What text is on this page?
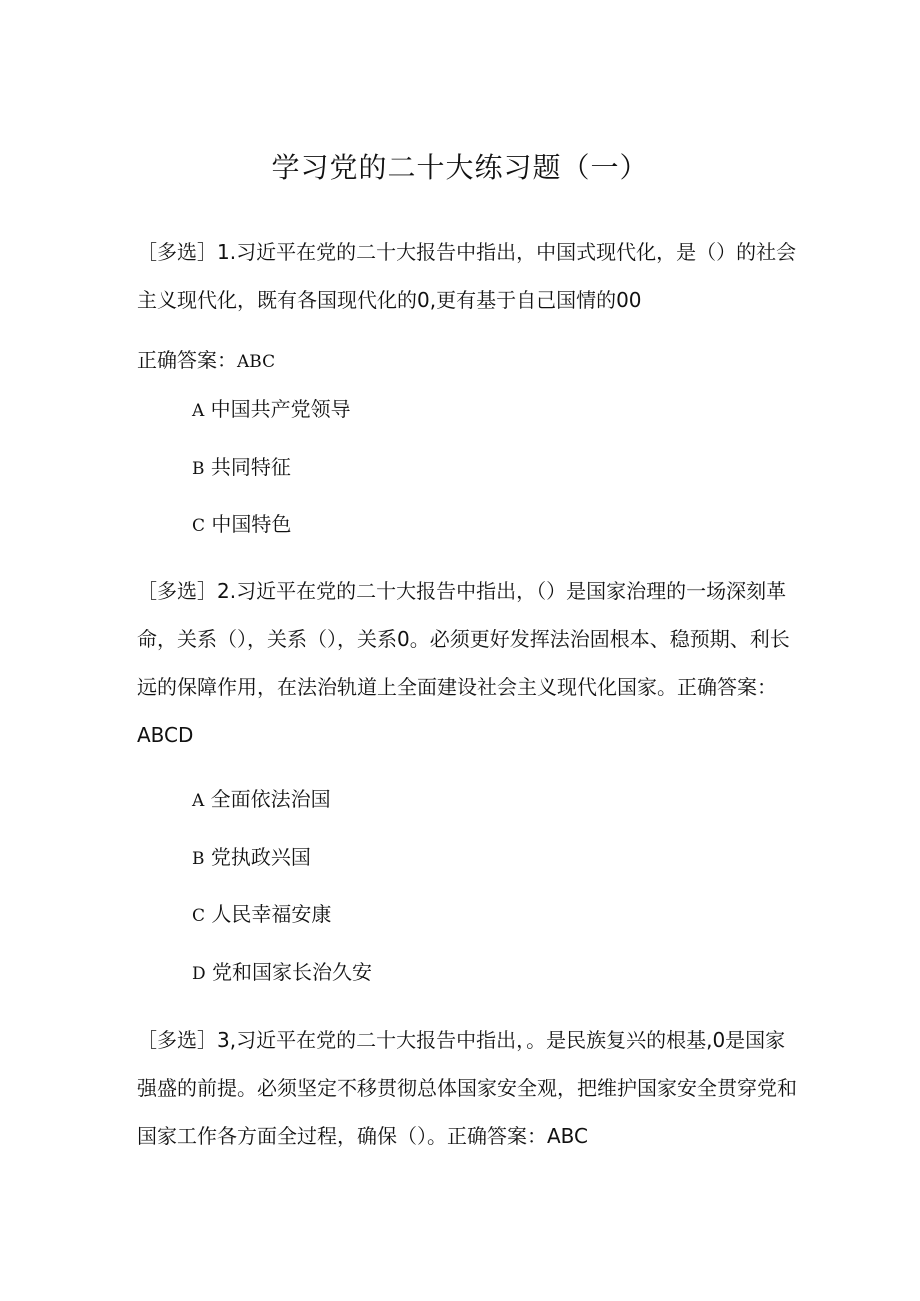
学习党的二十大练习题（一）

［多选］1.习近平在党的二十大报告中指出，中国式现代化，是（）的社会主义现代化，既有各国现代化的0,更有基于自己国情的00

正确答案：ABC
A 中国共产党领导
B 共同特征
C 中国特色

［多选］2.习近平在党的二十大报告中指出，（）是国家治理的一场深刻革命，关系（），关系（），关系0。必须更好发挥法治固根本、稳预期、利长远的保障作用，在法治轨道上全面建设社会主义现代化国家。正确答案：ABCD

A 全面依法治国
B 党执政兴国
C 人民幸福安康
D 党和国家长治久安

［多选］3,习近平在党的二十大报告中指出，。是民族复兴的根基,0是国家强盛的前提。必须坚定不移贯彻总体国家安全观，把维护国家安全贯穿党和国家工作各方面全过程，确保（）。正确答案：ABC
